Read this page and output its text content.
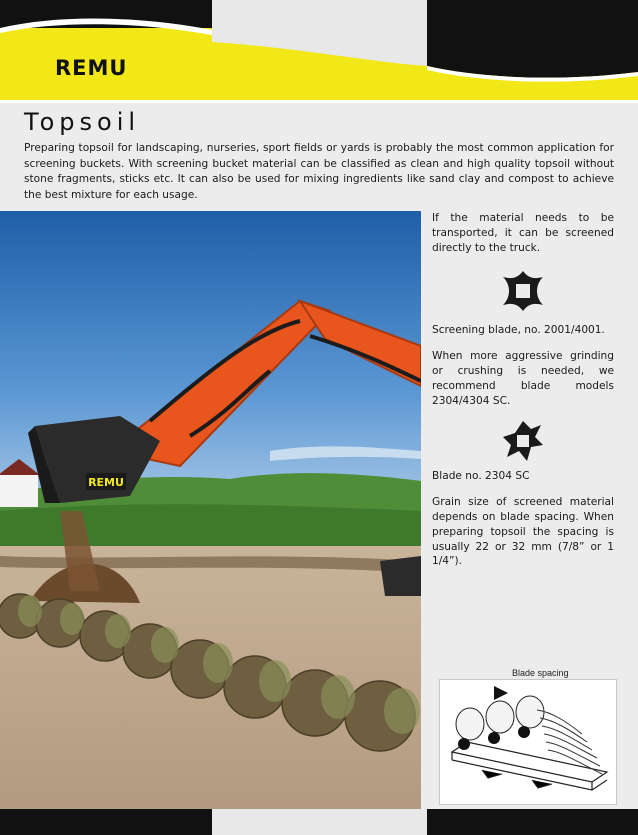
REMU
Topsoil

Preparing topsoil for landscaping, nurseries, sport fields or yards is probably the most common application for screening buckets. With screening bucket material can be classified as clean and high quality topsoil without stone fragments, sticks etc. It can also be used for mixing ingredients like sand clay and compost to achieve the best mixture for each usage.

REMU

If the material needs to be transported, it can be screened directly to the truck.

Screening blade, no. 2001/4001.

When more aggressive grinding or crushing is needed, we recommend blade models 2304/4304 SC.

Blade no. 2304 SC

Grain size of screened material depends on blade spacing. When preparing topsoil the spacing is usually 22 or 32 mm (7/8” or 1 1/4”).

Blade spacing
